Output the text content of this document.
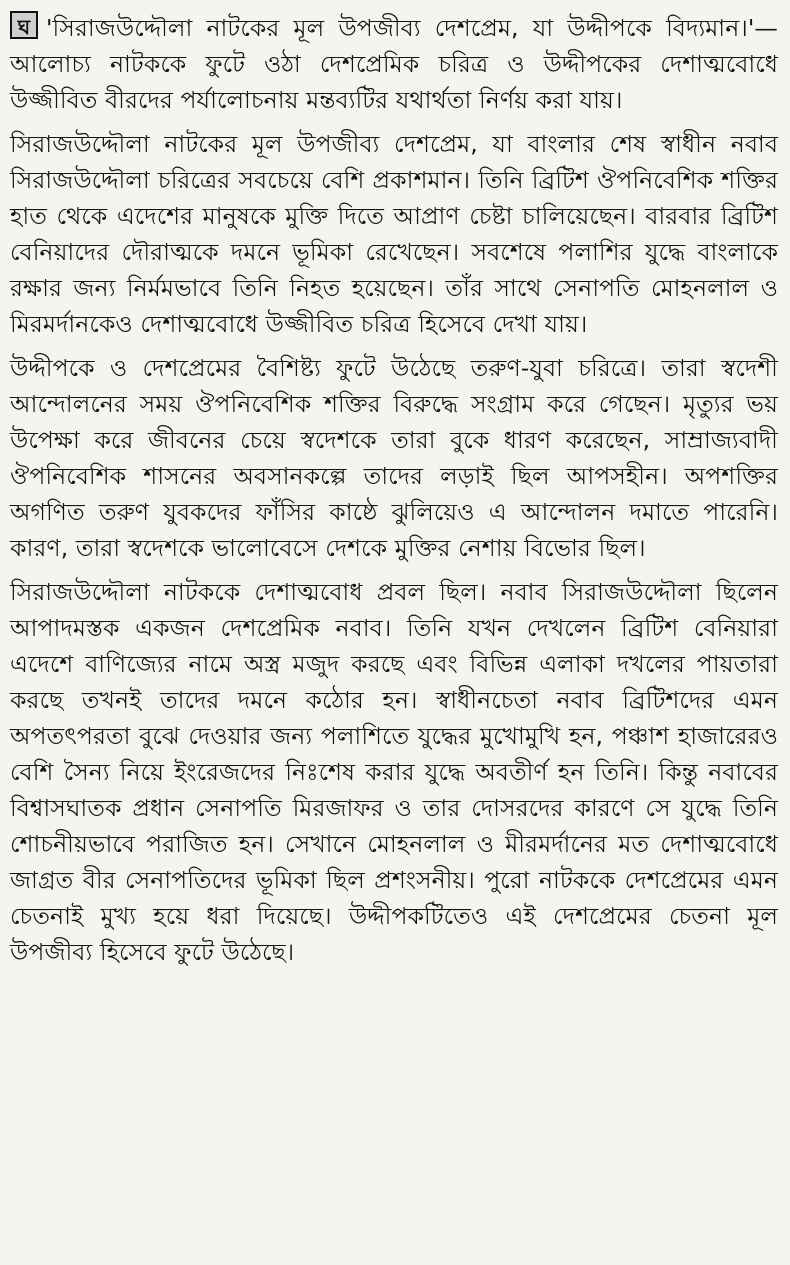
ঘ 'সিরাজউদ্দৌলা নাটকের মূল উপজীব্য দেশপ্রেম, যা উদ্দীপকে বিদ্যমান।'— আলোচ্য নাটককে ফুটে ওঠা দেশপ্রেমিক চরিত্র ও উদ্দীপকের দেশাত্মবোধে উজ্জীবিত বীরদের পর্যালোচনায় মন্তব্যটির যথার্থতা নির্ণয় করা যায়।

সিরাজউদ্দৌলা নাটকের মূল উপজীব্য দেশপ্রেম, যা বাংলার শেষ স্বাধীন নবাব সিরাজউদ্দৌলা চরিত্রের সবচেয়ে বেশি প্রকাশমান। তিনি ব্রিটিশ ঔপনিবেশিক শক্তির হাত থেকে এদেশের মানুষকে মুক্তি দিতে আপ্রাণ চেষ্টা চালিয়েছেন। বারবার ব্রিটিশ বেনিয়াদের দৌরাত্মকে দমনে ভূমিকা রেখেছেন। সবশেষে পলাশির যুদ্ধে বাংলাকে রক্ষার জন্য নির্মমভাবে তিনি নিহত হয়েছেন। তাঁর সাথে সেনাপতি মোহনলাল ও মিরমর্দানকেও দেশাত্মবোধে উজ্জীবিত চরিত্র হিসেবে দেখা যায়।

উদ্দীপকে ও দেশপ্রেমের বৈশিষ্ট্য ফুটে উঠেছে তরুণ-যুবা চরিত্রে। তারা স্বদেশী আন্দোলনের সময় ঔপনিবেশিক শক্তির বিরুদ্ধে সংগ্রাম করে গেছেন। মৃত্যুর ভয় উপেক্ষা করে জীবনের চেয়ে স্বদেশকে তারা বুকে ধারণ করেছেন, সাম্রাজ্যবাদী ঔপনিবেশিক শাসনের অবসানকল্পে তাদের লড়াই ছিল আপসহীন। অপশক্তির অগণিত তরুণ যুবকদের ফাঁসির কাষ্ঠে ঝুলিয়েও এ আন্দোলন দমাতে পারেনি। কারণ, তারা স্বদেশকে ভালোবেসে দেশকে মুক্তির নেশায় বিভোর ছিল।

সিরাজউদ্দৌলা নাটককে দেশাত্মবোধ প্রবল ছিল। নবাব সিরাজউদ্দৌলা ছিলেন আপাদমস্তক একজন দেশপ্রেমিক নবাব। তিনি যখন দেখলেন ব্রিটিশ বেনিয়ারা এদেশে বাণিজ্যের নামে অস্ত্র মজুদ করছে এবং বিভিন্ন এলাকা দখলের পায়তারা করছে তখনই তাদের দমনে কঠোর হন। স্বাধীনচেতা নবাব ব্রিটিশদের এমন অপতৎপরতা বুঝে দেওয়ার জন্য পলাশিতে যুদ্ধের মুখোমুখি হন, পঞ্চাশ হাজারেরও বেশি সৈন্য নিয়ে ইংরেজদের নিঃশেষ করার যুদ্ধে অবতীর্ণ হন তিনি। কিন্তু নবাবের বিশ্বাসঘাতক প্রধান সেনাপতি মিরজাফর ও তার দোসরদের কারণে সে যুদ্ধে তিনি শোচনীয়ভাবে পরাজিত হন। সেখানে মোহনলাল ও মীরমর্দানের মত দেশাত্মবোধে জাগ্রত বীর সেনাপতিদের ভূমিকা ছিল প্রশংসনীয়। পুরো নাটককে দেশপ্রেমের এমন চেতনাই মুখ্য হয়ে ধরা দিয়েছে। উদ্দীপকটিতেও এই দেশপ্রেমের চেতনা মূল উপজীব্য হিসেবে ফুটে উঠেছে।
